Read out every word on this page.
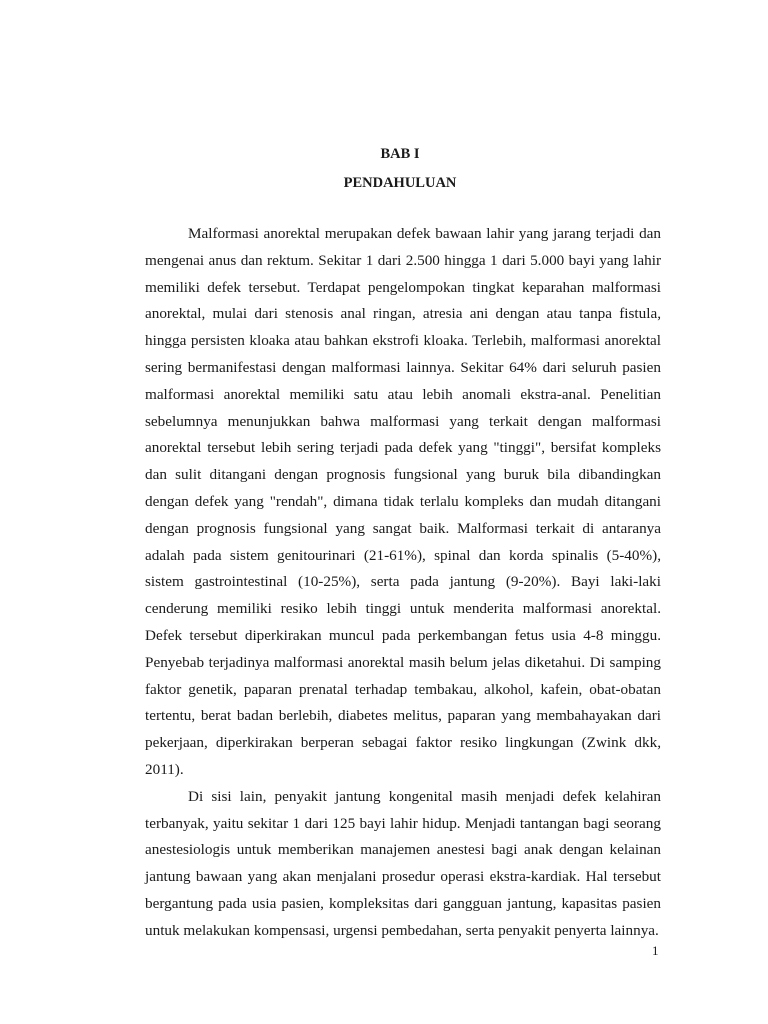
BAB I
PENDAHULUAN

Malformasi anorektal merupakan defek bawaan lahir yang jarang terjadi dan mengenai anus dan rektum. Sekitar 1 dari 2.500 hingga 1 dari 5.000 bayi yang lahir memiliki defek tersebut. Terdapat pengelompokan tingkat keparahan malformasi anorektal, mulai dari stenosis anal ringan, atresia ani dengan atau tanpa fistula, hingga persisten kloaka atau bahkan ekstrofi kloaka. Terlebih, malformasi anorektal sering bermanifestasi dengan malformasi lainnya. Sekitar 64% dari seluruh pasien malformasi anorektal memiliki satu atau lebih anomali ekstra-anal. Penelitian sebelumnya menunjukkan bahwa malformasi yang terkait dengan malformasi anorektal tersebut lebih sering terjadi pada defek yang "tinggi", bersifat kompleks dan sulit ditangani dengan prognosis fungsional yang buruk bila dibandingkan dengan defek yang "rendah", dimana tidak terlalu kompleks dan mudah ditangani dengan prognosis fungsional yang sangat baik. Malformasi terkait di antaranya adalah pada sistem genitourinari (21-61%), spinal dan korda spinalis (5-40%), sistem gastrointestinal (10-25%), serta pada jantung (9-20%). Bayi laki-laki cenderung memiliki resiko lebih tinggi untuk menderita malformasi anorektal. Defek tersebut diperkirakan muncul pada perkembangan fetus usia 4-8 minggu. Penyebab terjadinya malformasi anorektal masih belum jelas diketahui. Di samping faktor genetik, paparan prenatal terhadap tembakau, alkohol, kafein, obat-obatan tertentu, berat badan berlebih, diabetes melitus, paparan yang membahayakan dari pekerjaan, diperkirakan berperan sebagai faktor resiko lingkungan (Zwink dkk, 2011).

Di sisi lain, penyakit jantung kongenital masih menjadi defek kelahiran terbanyak, yaitu sekitar 1 dari 125 bayi lahir hidup. Menjadi tantangan bagi seorang anestesiologis untuk memberikan manajemen anestesi bagi anak dengan kelainan jantung bawaan yang akan menjalani prosedur operasi ekstra-kardiak. Hal tersebut bergantung pada usia pasien, kompleksitas dari gangguan jantung, kapasitas pasien untuk melakukan kompensasi, urgensi pembedahan, serta penyakit penyerta lainnya.

1
